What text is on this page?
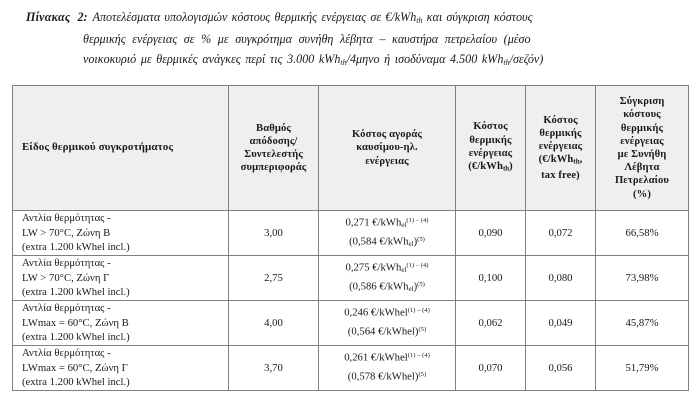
Πίνακας 2: Αποτελέσματα υπολογισμών κόστους θερμικής ενέργειας σε €/kWh$_{th}$ και σύγκριση κόστους
θερμικής ενέργειας σε % με συγκρότημα συνήθη λέβητα – καυστήρα πετρελαίου (μέσο
νοικοκυριό με θερμικές ανάγκες περί τις 3.000 kWh$_{th}$/4μηνο ή ισοδύναμα 4.500 kWh$_{th}$/σεζόν)
Είδος θερμικού συγκροτήματος	Βαθμός
απόδοσης/
Συντελεστής
συμπεριφοράς	Κόστος αγοράς
καυσίμου-ηλ.
ενέργειας	Κόστος
θερμικής
ενέργειας
(€/kWh$_{th}$)	Κόστος
θερμικής
ενέργειας
(€/kWh$_{th}$,
tax free)	Σύγκριση
κόστους
θερμικής
ενέργειας
με Συνήθη
Λέβητα
Πετρελαίου
(%)
Αντλία θερμότητας -
LW > 70°C, Ζώνη Β
(extra 1.200 kWhel incl.)	3,00	0,271 €/kWh$_{el}^{(1) - (4)}$
(0,584 €/kWh$_{el}$)$^{(5)}$	0,090	0,072	66,58%
Αντλία θερμότητας -
LW > 70°C, Ζώνη Γ
(extra 1.200 kWhel incl.)	2,75	0,275 €/kWh$_{el}^{(1) - (4)}$
(0,586 €/kWh$_{el}$)$^{(5)}$	0,100	0,080	73,98%
Αντλία θερμότητας -
LWmax = 60°C, Ζώνη Β
(extra 1.200 kWhel incl.)	4,00	0,246 €/kWhel$^{(1) - (4)}$
(0,564 €/kWhel)$^{(5)}$	0,062	0,049	45,87%
Αντλία θερμότητας -
LWmax = 60°C, Ζώνη Γ
(extra 1.200 kWhel incl.)	3,70	0,261 €/kWhel$^{(1) - (4)}$
(0,578 €/kWhel)$^{(5)}$	0,070	0,056	51,79%
